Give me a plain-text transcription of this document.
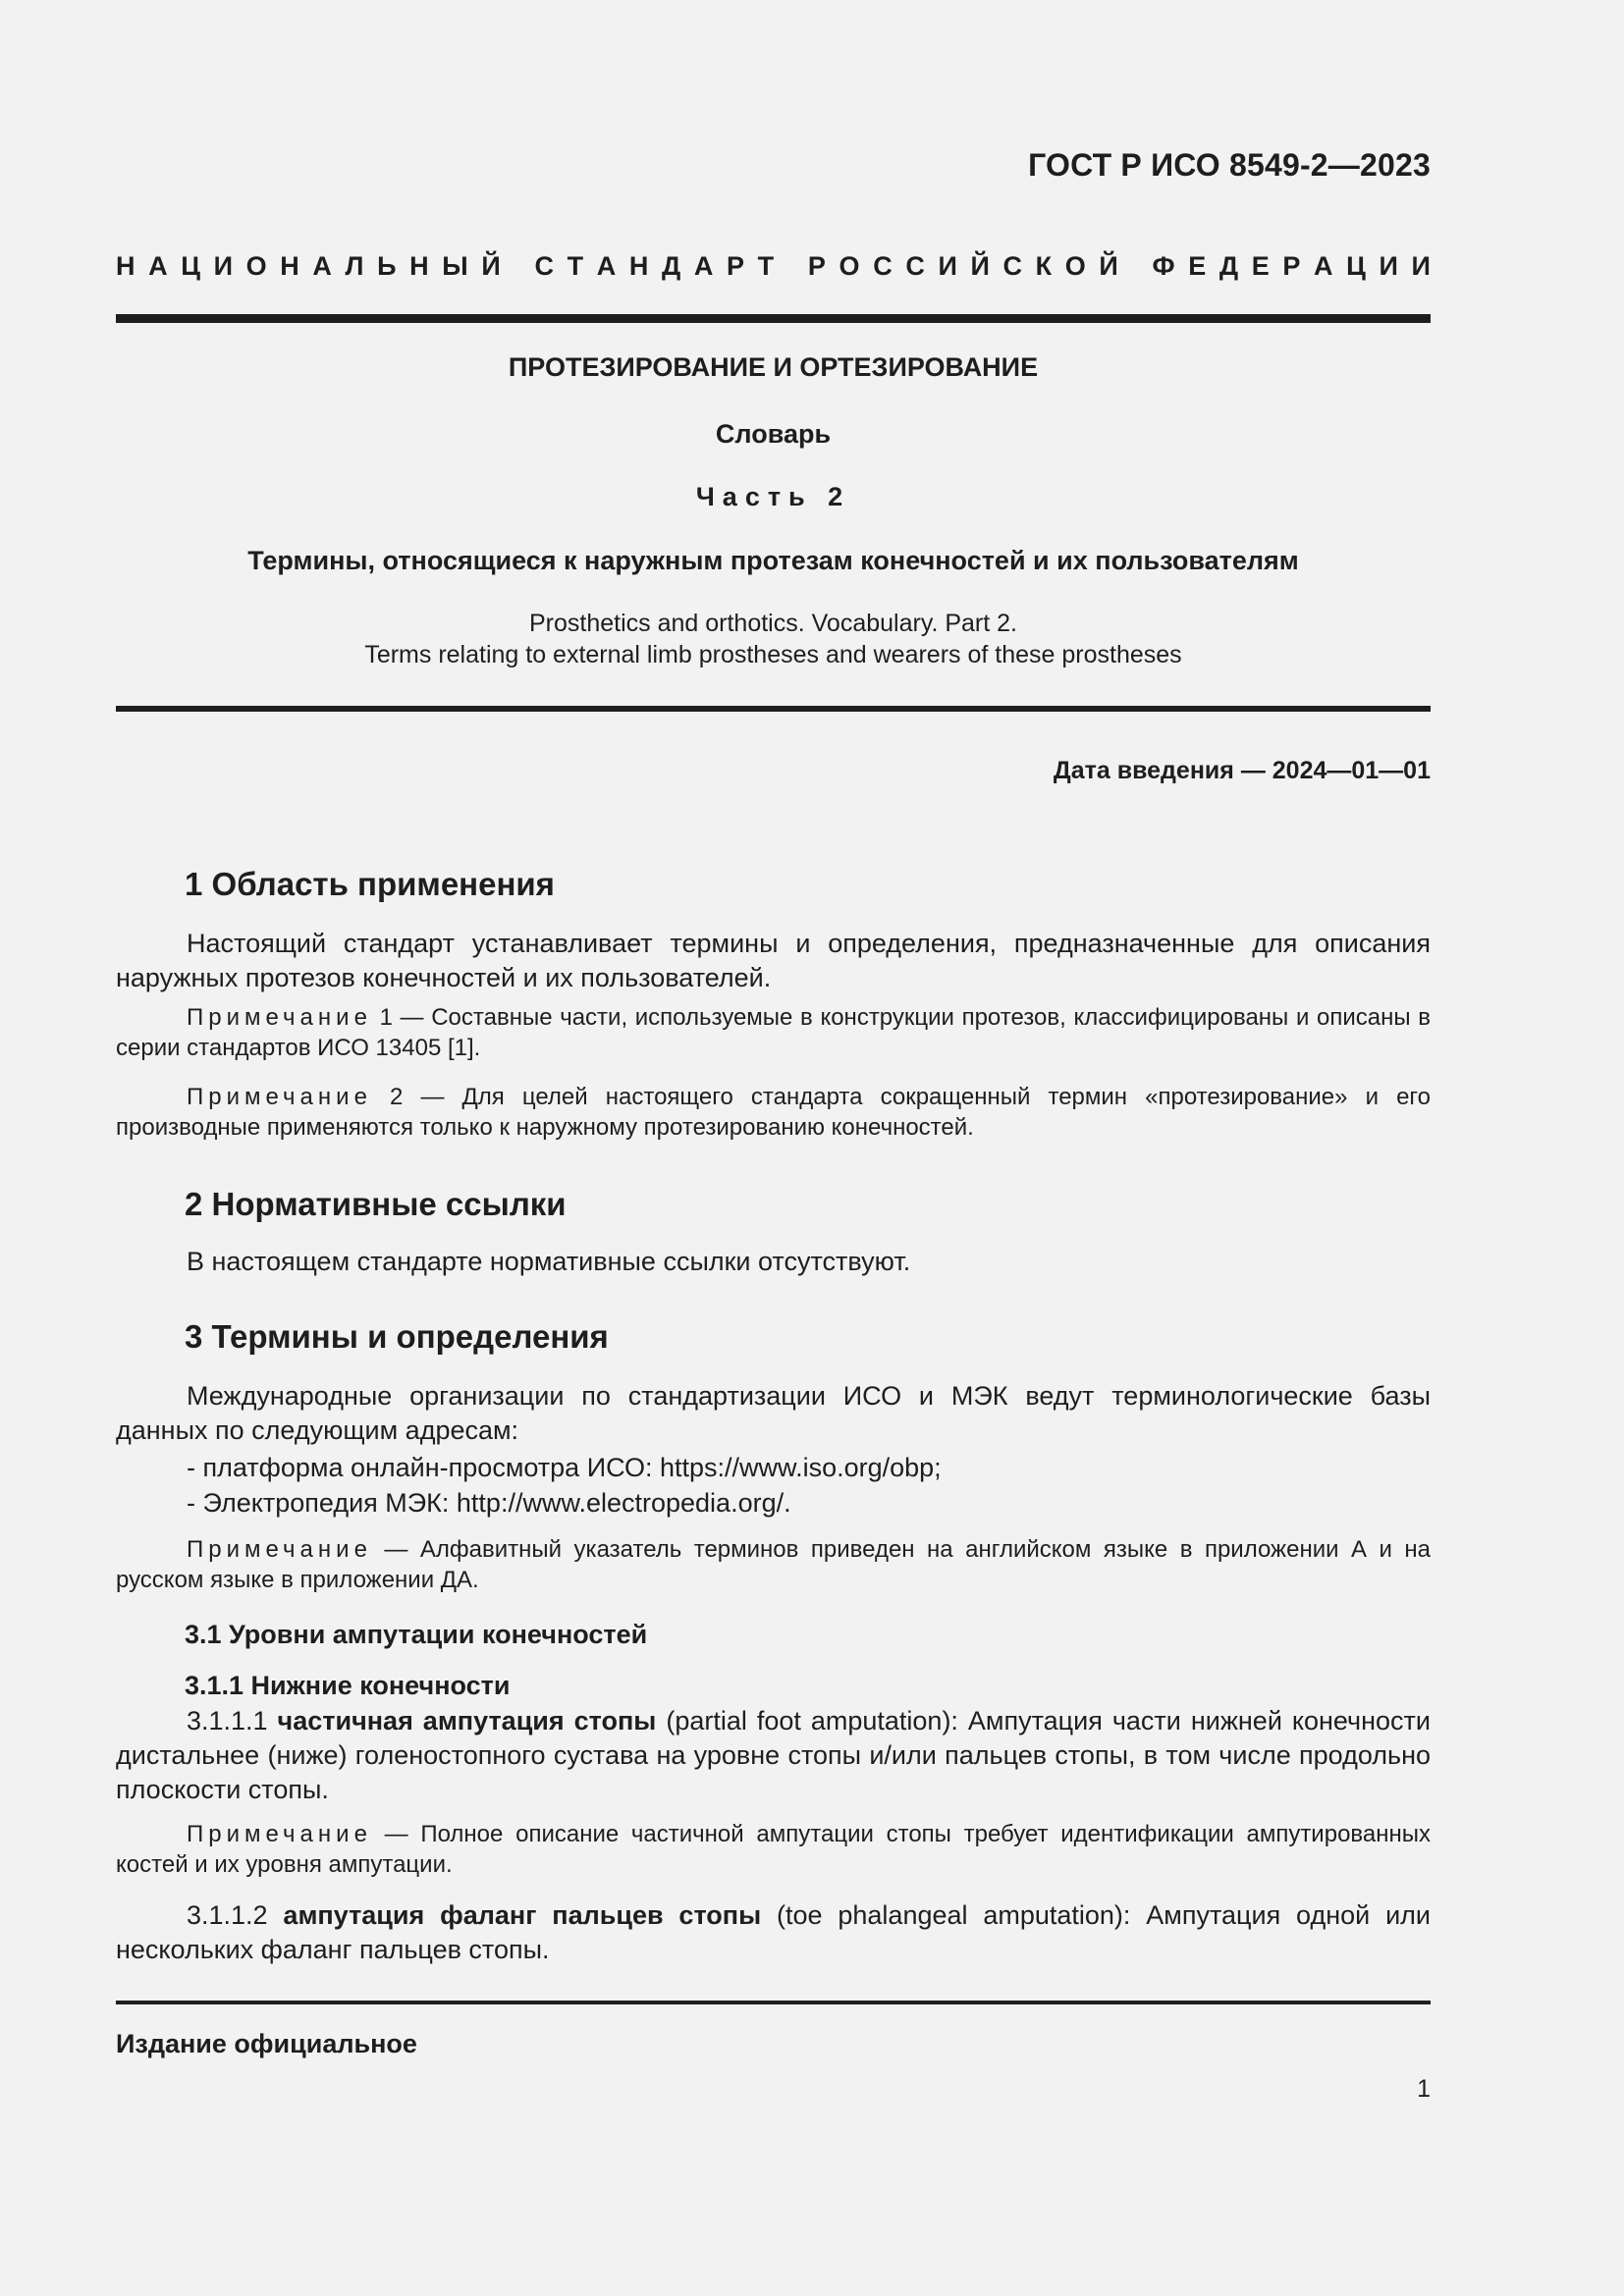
ГОСТ Р ИСО 8549-2—2023
Н А Ц И О Н А Л Ь Н Ы Й
С Т А Н Д А Р Т
Р О С С И Й С К О Й
Ф Е Д Е Р А Ц И И
ПРОТЕЗИРОВАНИЕ И ОРТЕЗИРОВАНИЕ
Словарь
Часть 2
Термины, относящиеся к наружным протезам конечностей и их пользователям
Prosthetics and orthotics. Vocabulary. Part 2.
Terms relating to external limb prostheses and wearers of these prostheses
Дата введения — 2024—01—01
1 Область применения

Настоящий стандарт устанавливает термины и определения, предназначенные для описания наружных протезов конечностей и их пользователей.

Примечание 1 — Составные части, используемые в конструкции протезов, классифицированы и описаны в серии стандартов ИСО 13405 [1].

Примечание 2 — Для целей настоящего стандарта сокращенный термин «протезирование» и его производные применяются только к наружному протезированию конечностей.

2 Нормативные ссылки

В настоящем стандарте нормативные ссылки отсутствуют.

3 Термины и определения

Международные организации по стандартизации ИСО и МЭК ведут терминологические базы данных по следующим адресам:

- платформа онлайн-просмотра ИСО: https://www.iso.org/obp;
- Электропедия МЭК: http://www.electropedia.org/.

Примечание — Алфавитный указатель терминов приведен на английском языке в приложении А и на русском языке в приложении ДА.

3.1 Уровни ампутации конечностей
3.1.1 Нижние конечности

3.1.1.1 частичная ампутация стопы (partial foot amputation): Ампутация части нижней конечности дистальнее (ниже) голеностопного сустава на уровне стопы и/или пальцев стопы, в том числе продольно плоскости стопы.

Примечание — Полное описание частичной ампутации стопы требует идентификации ампутированных костей и их уровня ампутации.

3.1.1.2 ампутация фаланг пальцев стопы (toe phalangeal amputation): Ампутация одной или нескольких фаланг пальцев стопы.

Издание официальное
1
